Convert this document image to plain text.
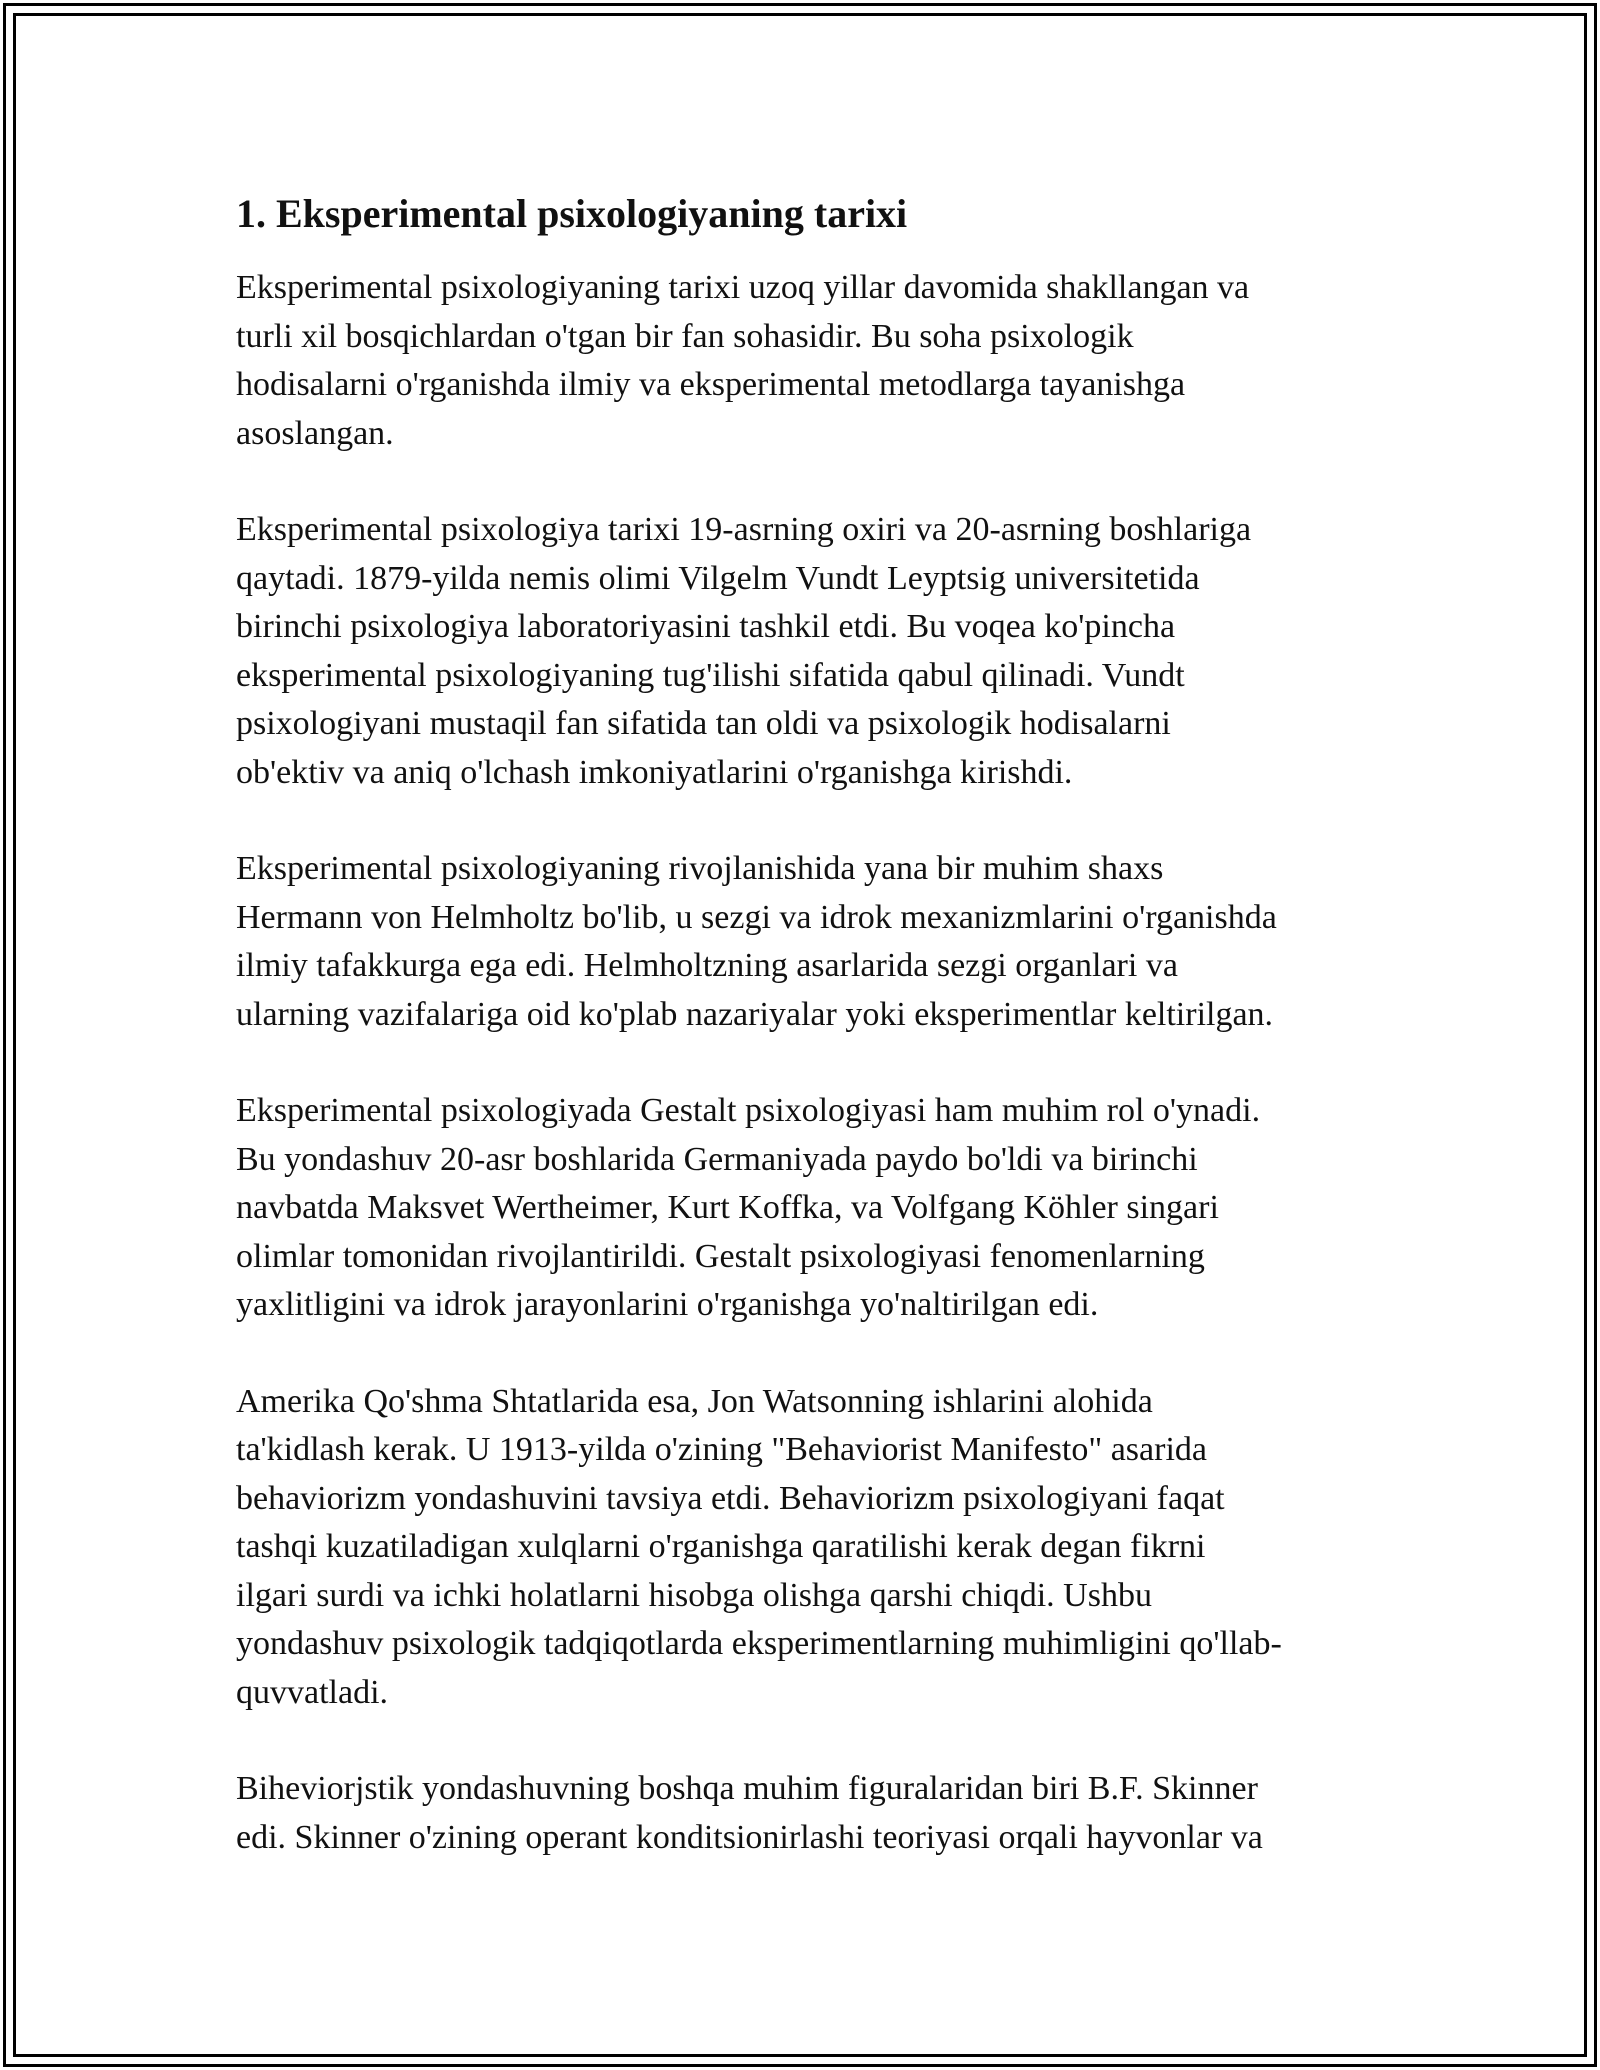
1. Eksperimental psixologiyaning tarixi

Eksperimental psixologiyaning tarixi uzoq yillar davomida shakllangan va
turli xil bosqichlardan o'tgan bir fan sohasidir. Bu soha psixologik
hodisalarni o'rganishda ilmiy va eksperimental metodlarga tayanishga
asoslangan.

Eksperimental psixologiya tarixi 19-asrning oxiri va 20-asrning boshlariga
qaytadi. 1879-yilda nemis olimi Vilgelm Vundt Leyptsig universitetida
birinchi psixologiya laboratoriyasini tashkil etdi. Bu voqea ko'pincha
eksperimental psixologiyaning tug'ilishi sifatida qabul qilinadi. Vundt
psixologiyani mustaqil fan sifatida tan oldi va psixologik hodisalarni
ob'ektiv va aniq o'lchash imkoniyatlarini o'rganishga kirishdi.

Eksperimental psixologiyaning rivojlanishida yana bir muhim shaxs
Hermann von Helmholtz bo'lib, u sezgi va idrok mexanizmlarini o'rganishda
ilmiy tafakkurga ega edi. Helmholtzning asarlarida sezgi organlari va
ularning vazifalariga oid ko'plab nazariyalar yoki eksperimentlar keltirilgan.

Eksperimental psixologiyada Gestalt psixologiyasi ham muhim rol o'ynadi.
Bu yondashuv 20-asr boshlarida Germaniyada paydo bo'ldi va birinchi
navbatda Maksvet Wertheimer, Kurt Koffka, va Volfgang Köhler singari
olimlar tomonidan rivojlantirildi. Gestalt psixologiyasi fenomenlarning
yaxlitligini va idrok jarayonlarini o'rganishga yo'naltirilgan edi.

Amerika Qo'shma Shtatlarida esa, Jon Watsonning ishlarini alohida
ta'kidlash kerak. U 1913-yilda o'zining "Behaviorist Manifesto" asarida
behaviorizm yondashuvini tavsiya etdi. Behaviorizm psixologiyani faqat
tashqi kuzatiladigan xulqlarni o'rganishga qaratilishi kerak degan fikrni
ilgari surdi va ichki holatlarni hisobga olishga qarshi chiqdi. Ushbu
yondashuv psixologik tadqiqotlarda eksperimentlarning muhimligini qo'llab-
quvvatladi.

Biheviorjstik yondashuvning boshqa muhim figuralaridan biri B.F. Skinner
edi. Skinner o'zining operant konditsionirlashi teoriyasi orqali hayvonlar va
